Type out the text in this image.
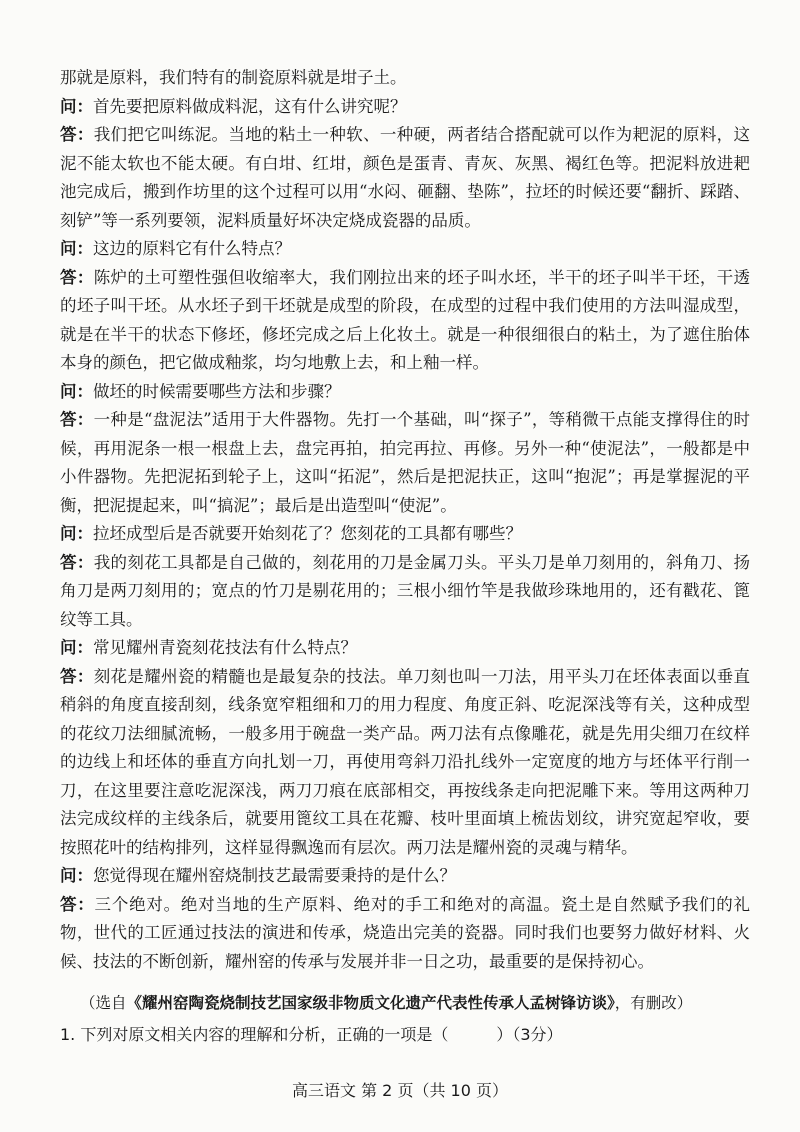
那就是原料，我们特有的制瓷原料就是坩子土。

问：首先要把原料做成料泥，这有什么讲究呢？

答：我们把它叫练泥。当地的粘土一种软、一种硬，两者结合搭配就可以作为耙泥的原料，这泥不能太软也不能太硬。有白坩、红坩，颜色是蛋青、青灰、灰黑、褐红色等。把泥料放进耙池完成后，搬到作坊里的这个过程可以用“水闷、砸翻、垫陈”，拉坯的时候还要“翻折、踩踏、刻铲”等一系列要领，泥料质量好坏决定烧成瓷器的品质。

问：这边的原料它有什么特点？

答：陈炉的土可塑性强但收缩率大，我们刚拉出来的坯子叫水坯，半干的坯子叫半干坯，干透的坯子叫干坯。从水坯子到干坯就是成型的阶段，在成型的过程中我们使用的方法叫湿成型，就是在半干的状态下修坯，修坯完成之后上化妆土。就是一种很细很白的粘土，为了遮住胎体本身的颜色，把它做成釉浆，均匀地敷上去，和上釉一样。

问：做坯的时候需要哪些方法和步骤？

答：一种是“盘泥法”适用于大件器物。先打一个基础，叫“探子”，等稍微干点能支撑得住的时候，再用泥条一根一根盘上去，盘完再拍，拍完再拉、再修。另外一种“使泥法”，一般都是中小件器物。先把泥拓到轮子上，这叫“拓泥”，然后是把泥扶正，这叫“抱泥”；再是掌握泥的平衡，把泥提起来，叫“搞泥”；最后是出造型叫“使泥”。

问：拉坯成型后是否就要开始刻花了？您刻花的工具都有哪些？

答：我的刻花工具都是自己做的，刻花用的刀是金属刀头。平头刀是单刀刻用的，斜角刀、扬角刀是两刀刻用的；宽点的竹刀是剔花用的；三根小细竹竿是我做珍珠地用的，还有戳花、篦纹等工具。

问：常见耀州青瓷刻花技法有什么特点？

答：刻花是耀州瓷的精髓也是最复杂的技法。单刀刻也叫一刀法，用平头刀在坯体表面以垂直稍斜的角度直接刮刻，线条宽窄粗细和刀的用力程度、角度正斜、吃泥深浅等有关，这种成型的花纹刀法细腻流畅，一般多用于碗盘一类产品。两刀法有点像雕花，就是先用尖细刀在纹样的边线上和坯体的垂直方向扎划一刀，再使用弯斜刀沿扎线外一定宽度的地方与坯体平行削一刀，在这里要注意吃泥深浅，两刀刀痕在底部相交，再按线条走向把泥雕下来。等用这两种刀法完成纹样的主线条后，就要用篦纹工具在花瓣、枝叶里面填上梳齿划纹，讲究宽起窄收，要按照花叶的结构排列，这样显得飘逸而有层次。两刀法是耀州瓷的灵魂与精华。

问：您觉得现在耀州窑烧制技艺最需要秉持的是什么？

答：三个绝对。绝对当地的生产原料、绝对的手工和绝对的高温。瓷土是自然赋予我们的礼物，世代的工匠通过技法的演进和传承，烧造出完美的瓷器。同时我们也要努力做好材料、火候、技法的不断创新，耀州窑的传承与发展并非一日之功，最重要的是保持初心。

（选自《耀州窑陶瓷烧制技艺国家级非物质文化遗产代表性传承人孟树锋访谈》，有删改）

1. 下列对原文相关内容的理解和分析，正确的一项是（　　　）（3分）

高三语文 第 2 页（共 10 页）
